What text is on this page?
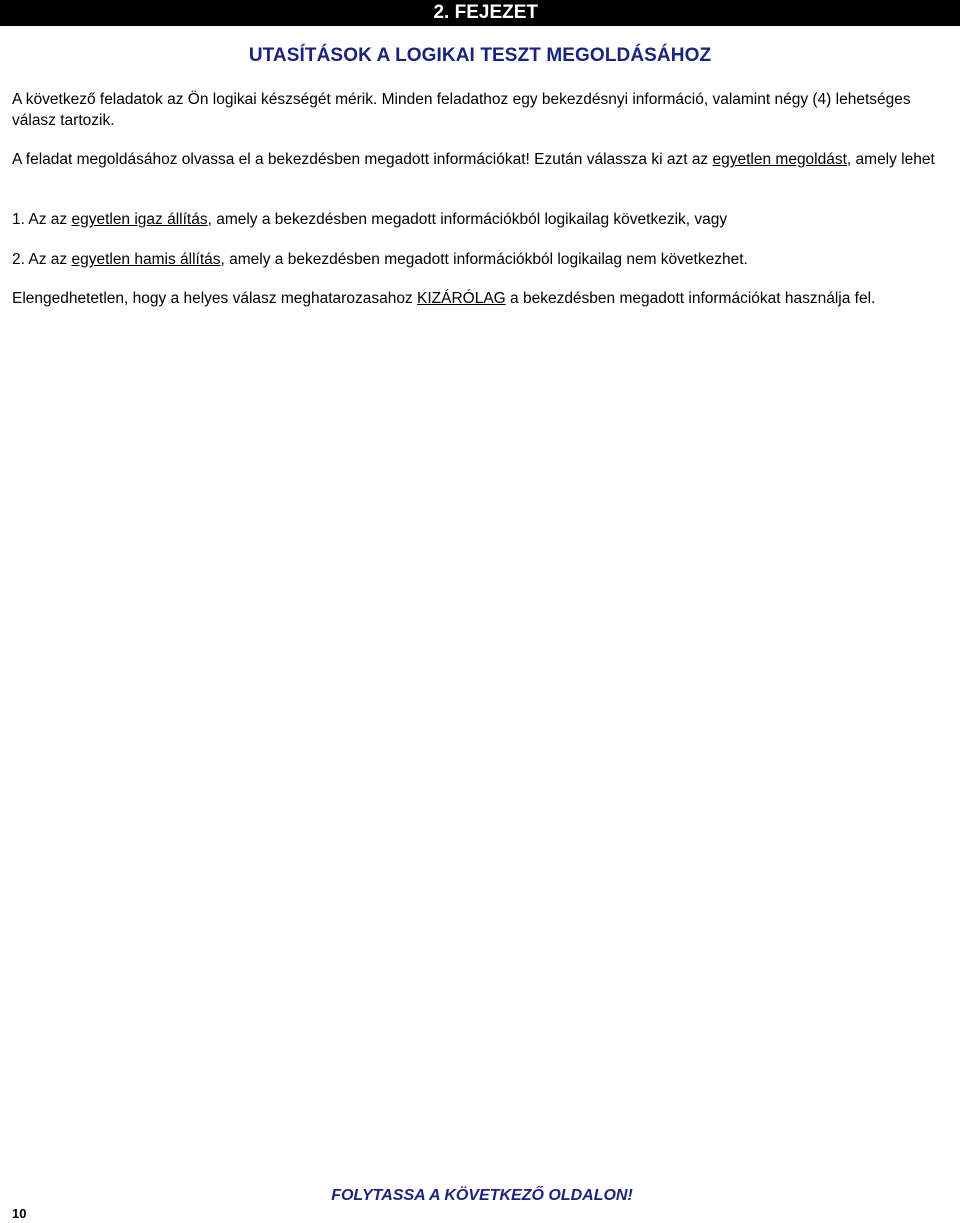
2. FEJEZET
UTASÍTÁSOK A LOGIKAI TESZT MEGOLDÁSÁHOZ

A következő feladatok az Ön logikai készségét mérik. Minden feladathoz egy bekezdésnyi információ, valamint négy (4) lehetséges válasz tartozik.

A feladat megoldásához olvassa el a bekezdésben megadott információkat! Ezután válassza ki azt az egyetlen megoldást, amely lehet

1. Az az egyetlen igaz állítás, amely a bekezdésben megadott információkból logikailag következik, vagy

2. Az az egyetlen hamis állítás, amely a bekezdésben megadott információkból logikailag nem következhet.

Elengedhetetlen, hogy a helyes válasz meghatarozasahoz KIZÁRÓLAG a bekezdésben megadott információkat használja fel.

FOLYTASSA A KÖVETKEZŐ OLDALON!
10
